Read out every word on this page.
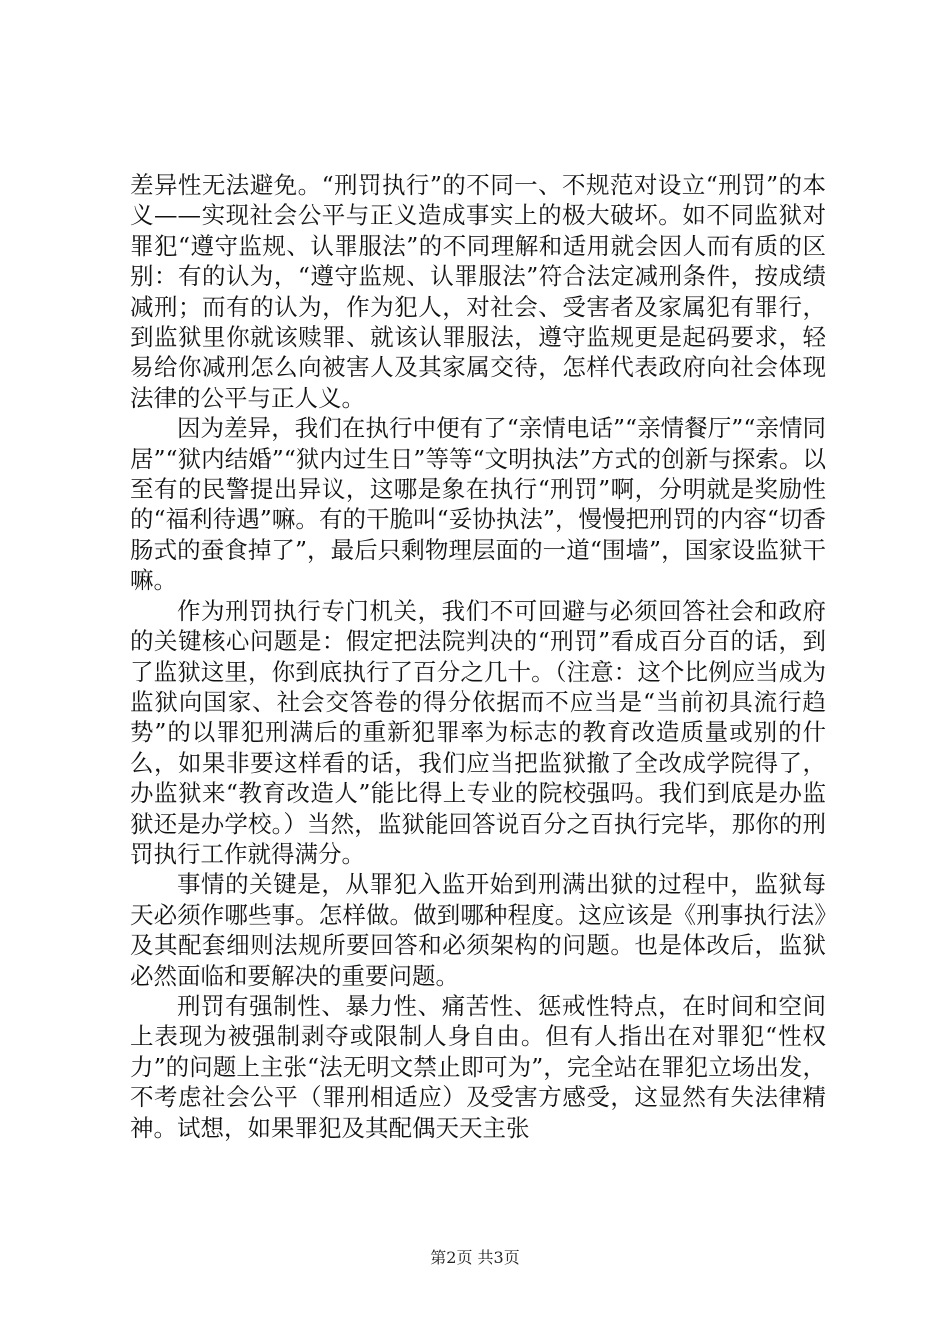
差异性无法避免。“刑罚执行”的不同一、不规范对设立“刑罚”的本义——实现社会公平与正义造成事实上的极大破坏。如不同监狱对罪犯“遵守监规、认罪服法”的不同理解和适用就会因人而有质的区别：有的认为，“遵守监规、认罪服法”符合法定减刑条件，按成绩减刑；而有的认为，作为犯人，对社会、受害者及家属犯有罪行，到监狱里你就该赎罪、就该认罪服法，遵守监规更是起码要求，轻易给你减刑怎么向被害人及其家属交待，怎样代表政府向社会体现法律的公平与正人义。

因为差异，我们在执行中便有了“亲情电话”“亲情餐厅”“亲情同居”“狱内结婚”“狱内过生日”等等“文明执法”方式的创新与探索。以至有的民警提出异议，这哪是象在执行“刑罚”啊，分明就是奖励性的“福利待遇”嘛。有的干脆叫“妥协执法”，慢慢把刑罚的内容“切香肠式的蚕食掉了”，最后只剩物理层面的一道“围墙”，国家设监狱干嘛。

作为刑罚执行专门机关，我们不可回避与必须回答社会和政府的关键核心问题是：假定把法院判决的“刑罚”看成百分百的话，到了监狱这里，你到底执行了百分之几十。（注意：这个比例应当成为监狱向国家、社会交答卷的得分依据而不应当是“当前初具流行趋势”的以罪犯刑满后的重新犯罪率为标志的教育改造质量或别的什么，如果非要这样看的话，我们应当把监狱撤了全改成学院得了，办监狱来“教育改造人”能比得上专业的院校强吗。我们到底是办监狱还是办学校。）当然，监狱能回答说百分之百执行完毕，那你的刑罚执行工作就得满分。

事情的关键是，从罪犯入监开始到刑满出狱的过程中，监狱每天必须作哪些事。怎样做。做到哪种程度。这应该是《刑事执行法》及其配套细则法规所要回答和必须架构的问题。也是体改后，监狱必然面临和要解决的重要问题。

刑罚有强制性、暴力性、痛苦性、惩戒性特点，在时间和空间上表现为被强制剥夺或限制人身自由。但有人指出在对罪犯“性权力”的问题上主张“法无明文禁止即可为”，完全站在罪犯立场出发，不考虑社会公平（罪刑相适应）及受害方感受，这显然有失法律精神。试想，如果罪犯及其配偶天天主张

第2页 共3页
